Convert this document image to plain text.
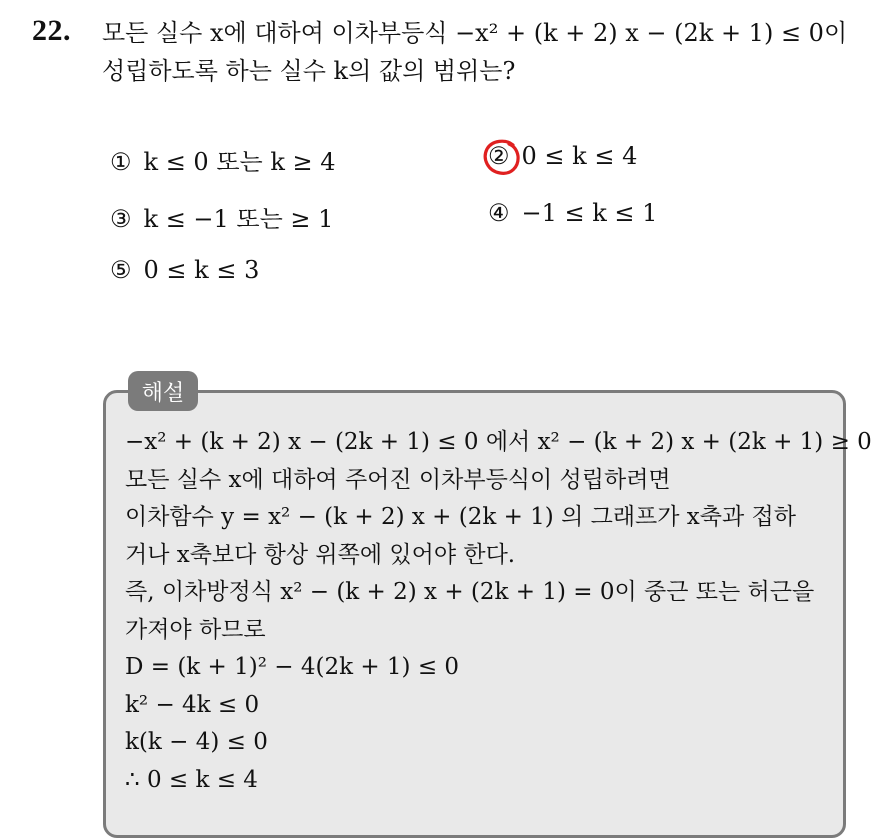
22. 모든 실수 x에 대하여 이차부등식 −x² + (k + 2) x − (2k + 1) ≤ 0이
성립하도록 하는 실수 k의 값의 범위는?
① k ≤ 0 또는 k ≥ 4	② 0 ≤ k ≤ 4
③ k ≤ −1 또는 ≥ 1	④ −1 ≤ k ≤ 1
⑤ 0 ≤ k ≤ 3
해설
−x² + (k + 2) x − (2k + 1) ≤ 0 에서 x² − (k + 2) x + (2k + 1) ≥ 0
모든 실수 x에 대하여 주어진 이차부등식이 성립하려면
이차함수 y = x² − (k + 2) x + (2k + 1) 의 그래프가 x축과 접하
거나 x축보다 항상 위쪽에 있어야 한다.
즉, 이차방정식 x² − (k + 2) x + (2k + 1) = 0이 중근 또는 허근을
가져야 하므로
D = (k + 1)² − 4(2k + 1) ≤ 0
k² − 4k ≤ 0
k(k − 4) ≤ 0
∴ 0 ≤ k ≤ 4
